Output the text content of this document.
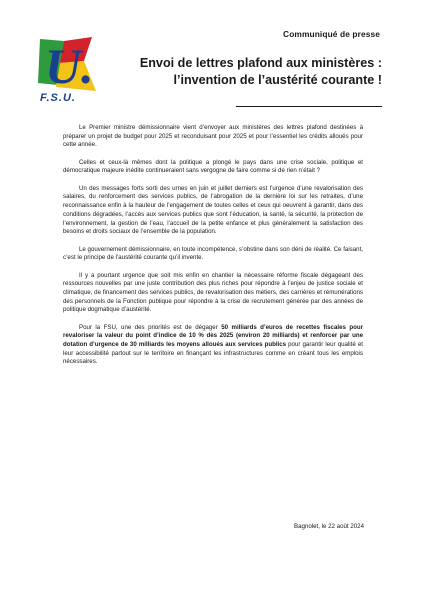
Communiqué de presse
U.
F.S.U.
Envoi de lettres plafond aux ministères :
l’invention de l’austérité courante !

Le Premier ministre démissionnaire vient d’envoyer aux ministères des lettres plafond destinées à préparer un projet de budget pour 2025 et reconduisant pour 2025 et pour l’essentiel les crédits alloués pour cette année.

Celles et ceux-là mêmes dont la politique a plongé le pays dans une crise sociale, politique et démocratique majeure inédite continueraient sans vergogne de faire comme si de rien n’était ?

Un des messages forts sorti des urnes en juin et juillet derniers est l’urgence d’une revalorisation des salaires, du renforcement des services publics, de l’abrogation de la dernière loi sur les retraites, d’une reconnaissance enfin à la hauteur de l’engagement de toutes celles et ceux qui oeuvrent à garantir, dans des conditions dégradées, l’accès aux services publics que sont l’éducation, la santé, la sécurité, la protection de l’environnement, la gestion de l’eau, l’accueil de la petite enfance et plus généralement la satisfaction des besoins et droits sociaux de l’ensemble de la population.

Le gouvernement démissionnaire, en toute incompétence, s’obstine dans son déni de réalité. Ce faisant, c’est le principe de l’austérité courante qu’il invente.

Il y a pourtant urgence que soit mis enfin en chantier la nécessaire réforme fiscale dégageant des ressources nouvelles par une juste contribution des plus riches pour répondre à l’enjeu de justice sociale et climatique, de financement des services publics, de revalorisation des métiers, des carrières et rémunérations des personnels de la Fonction publique pour répondre à la crise de recrutement générée par des années de politique dogmatique d’austérité.

Pour la FSU, une des priorités est de dégager 50 milliards d’euros de recettes fiscales pour revaloriser la valeur du point d’indice de 10 % dès 2025 (environ 20 milliards) et renforcer par une dotation d’urgence de 30 milliards les moyens alloués aux services publics pour garantir leur qualité et leur accessibilité partout sur le territoire en finançant les infrastructures comme en créant tous les emplois nécessaires.

Bagnolet, le 22 août 2024
